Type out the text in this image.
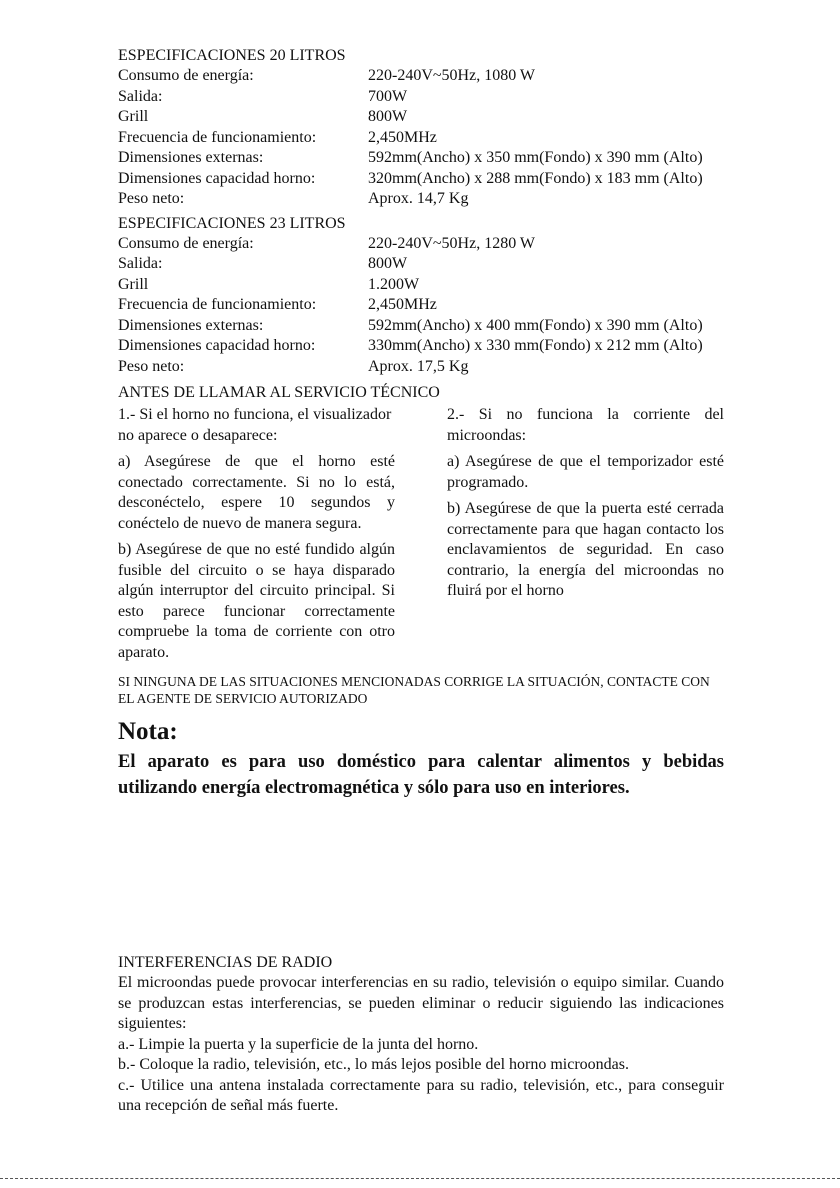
ESPECIFICACIONES 20 LITROS
Consumo de energía:	220-240V~50Hz, 1080 W
Salida:	700W
Grill	800W
Frecuencia de funcionamiento:	2,450MHz
Dimensiones externas:	592mm(Ancho) x 350 mm(Fondo) x 390 mm (Alto)
Dimensiones capacidad horno:	320mm(Ancho) x 288 mm(Fondo) x 183 mm (Alto)
Peso neto:	Aprox. 14,7 Kg
ESPECIFICACIONES 23 LITROS
Consumo de energía:	220-240V~50Hz, 1280 W
Salida:	800W
Grill	1.200W
Frecuencia de funcionamiento:	2,450MHz
Dimensiones externas:	592mm(Ancho) x 400 mm(Fondo) x 390 mm (Alto)
Dimensiones capacidad horno:	330mm(Ancho) x 330 mm(Fondo) x 212 mm (Alto)
Peso neto:	Aprox. 17,5 Kg
ANTES DE LLAMAR AL SERVICIO TÉCNICO

1.- Si el horno no funciona, el visualizador no aparece o desaparece:

a) Asegúrese de que el horno esté conectado correctamente. Si no lo está, desconéctelo, espere 10 segundos y conéctelo de nuevo de manera segura.

b) Asegúrese de que no esté fundido algún fusible del circuito o se haya disparado algún interruptor del circuito principal. Si esto parece funcionar correctamente compruebe la toma de corriente con otro aparato.

2.- Si no funciona la corriente del microondas:

a) Asegúrese de que el temporizador esté programado.

b) Asegúrese de que la puerta esté cerrada correctamente para que hagan contacto los enclavamientos de seguridad. En caso contrario, la energía del microondas no fluirá por el horno

SI NINGUNA DE LAS SITUACIONES MENCIONADAS CORRIGE LA SITUACIÓN, CONTACTE CON EL AGENTE DE SERVICIO AUTORIZADO
Nota:
El aparato es para uso doméstico para calentar alimentos y bebidas utilizando energía electromagnética y sólo para uso en interiores.
INTERFERENCIAS DE RADIO

El microondas puede provocar interferencias en su radio, televisión o equipo similar. Cuando se produzcan estas interferencias, se pueden eliminar o reducir siguiendo las indicaciones siguientes:

a.- Limpie la puerta y la superficie de la junta del horno.

b.- Coloque la radio, televisión, etc., lo más lejos posible del horno microondas.

c.- Utilice una antena instalada correctamente para su radio, televisión, etc., para conseguir una recepción de señal más fuerte.
